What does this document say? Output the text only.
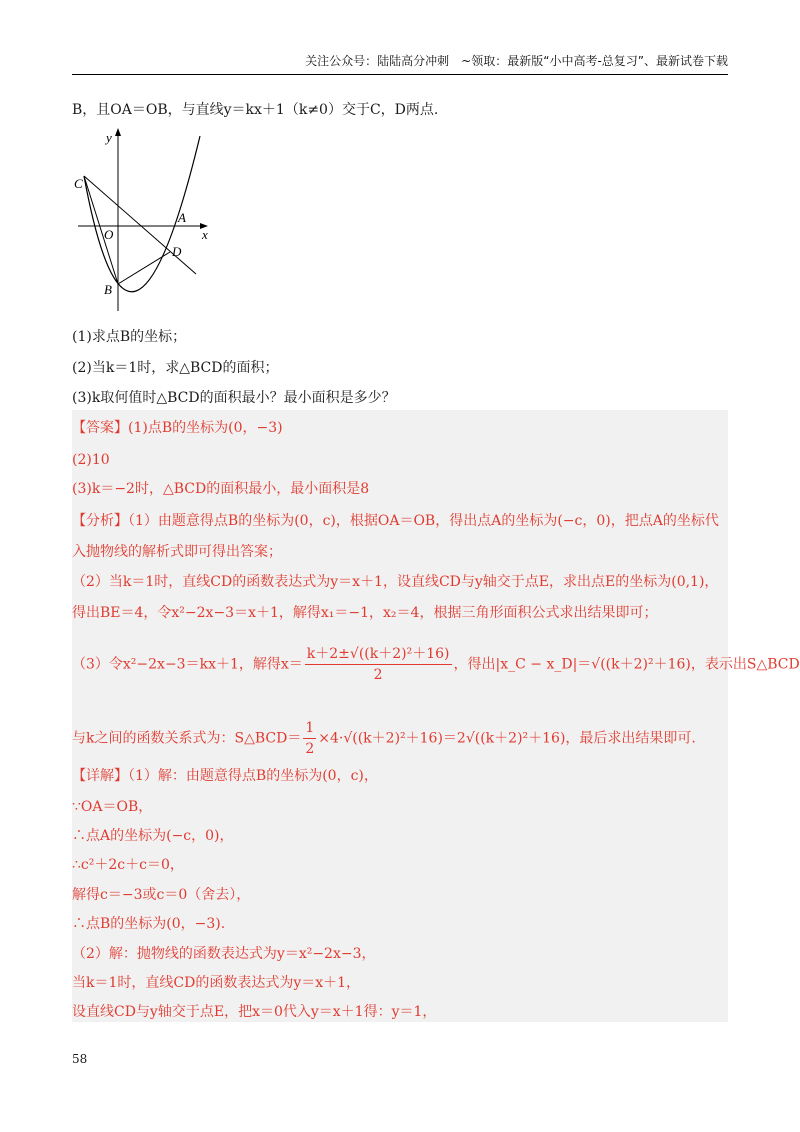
关注公众号：陆陆高分冲刺　~领取：最新版“小中高考-总复习”、最新试卷下载
B，且OA＝OB，与直线y＝kx＋1（k≠0）交于C，D两点.
y
x
O
A
B
C
D
(1)求点B的坐标；
(2)当k＝1时，求△BCD的面积；
(3)k取何值时△BCD的面积最小？最小面积是多少？
【答案】(1)点B的坐标为(0，−3)
(2)10
(3)k＝−2时，△BCD的面积最小，最小面积是8
【分析】（1）由题意得点B的坐标为(0，c)，根据OA＝OB，得出点A的坐标为(−c，0)，把点A的坐标代
入抛物线的解析式即可得出答案；
（2）当k＝1时，直线CD的函数表达式为y＝x＋1，设直线CD与y轴交于点E，求出点E的坐标为(0,1)，
得出BE＝4，令x²−2x−3＝x＋1，解得x₁＝−1，x₂＝4，根据三角形面积公式求出结果即可；
（3）令x²−2x−3＝kx＋1，解得$x= \frac{\text{k＋2±√((k＋2)²＋16)}}{2}$ ，得出|x_C − x_D|＝√((k＋2)²＋16)，表示出S△BCD
与k之间的函数关系式为：S△BCD＝ $\frac{1}{2} \times 4\cdot√((k+2)^2+16)=2√((k+2)^2+16)$，最后求出结果即可.
【详解】（1）解：由题意得点B的坐标为(0，c)，
∵OA＝OB，
∴点A的坐标为(−c，0)，
∴c²＋2c＋c＝0，
解得c＝−3或c＝0（舍去），
∴点B的坐标为(0，−3).
（2）解：抛物线的函数表达式为y＝x²−2x−3，
当k＝1时，直线CD的函数表达式为y＝x＋1，
设直线CD与y轴交于点E，把x＝0代入y＝x＋1得：y＝1，
58
